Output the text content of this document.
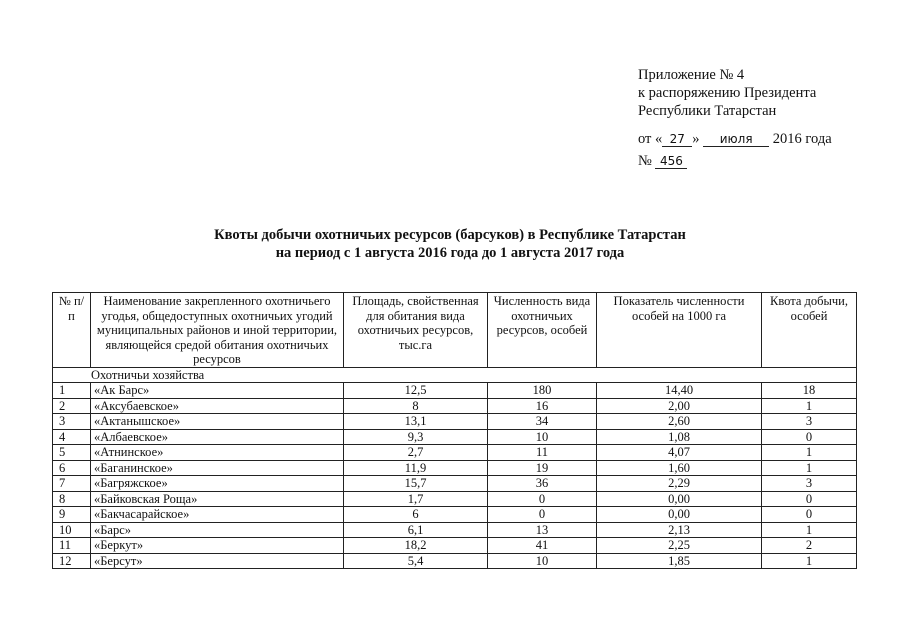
Приложение № 4
к распоряжению Президента
Республики Татарстан
от « 27 » июля 2016 года
№ 456
Квоты добычи охотничьих ресурсов (барсуков) в Республике Татарстан
на период с 1 августа 2016 года до 1 августа 2017 года
№ п/п	Наименование закрепленного охотничьего угодья, общедоступных охотничьих угодий муниципальных районов и иной территории, являющейся средой обитания охотничьих ресурсов	Площадь, свойственная для обитания вида охотничьих ресурсов, тыс.га	Численность вида охотничьих ресурсов, особей	Показатель численности особей на 1000 га	Квота добычи, особей
Охотничьи хозяйства					
1	«Ак Барс»	12,5	180	14,40	18
2	«Аксубаевское»	8	16	2,00	1
3	«Актанышское»	13,1	34	2,60	3
4	«Албаевское»	9,3	10	1,08	0
5	«Атнинское»	2,7	11	4,07	1
6	«Баганинское»	11,9	19	1,60	1
7	«Багряжское»	15,7	36	2,29	3
8	«Байковская Роща»	1,7	0	0,00	0
9	«Бакчасарайское»	6	0	0,00	0
10	«Барс»	6,1	13	2,13	1
11	«Беркут»	18,2	41	2,25	2
12	«Берсут»	5,4	10	1,85	1
